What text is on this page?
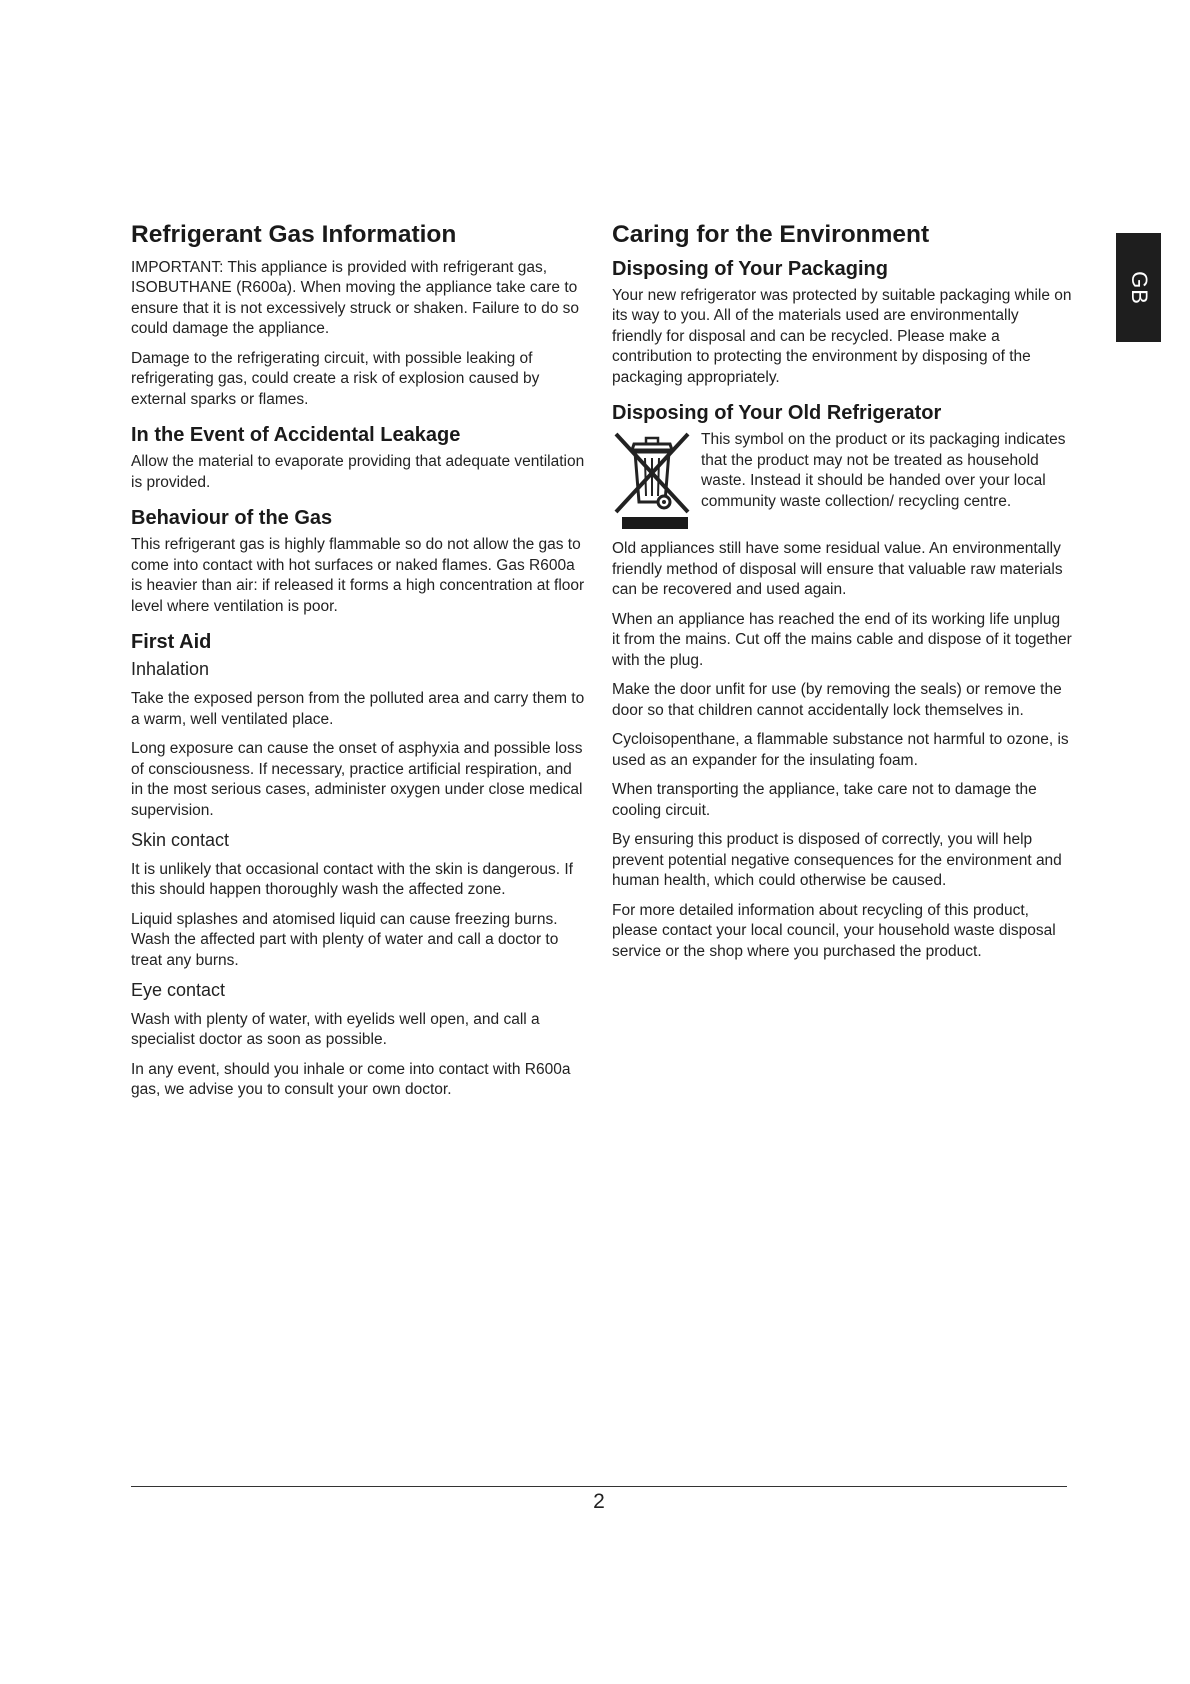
GB
Refrigerant Gas Information

IMPORTANT: This appliance is provided with refrigerant gas, ISOBUTHANE (R600a). When moving the appliance take care to ensure that it is not excessively struck or shaken. Failure to do so could damage the appliance.

Damage to the refrigerating circuit, with possible leaking of refrigerating gas, could create a risk of explosion caused by external sparks or flames.

In the Event of Accidental Leakage

Allow the material to evaporate providing that adequate ventilation is provided.

Behaviour of the Gas

This refrigerant gas is highly flammable so do not allow the gas to come into contact with hot surfaces or naked flames. Gas R600a is heavier than air: if released it forms a high concentration at floor level where ventilation is poor.

First Aid
Inhalation

Take the exposed person from the polluted area and carry them to a warm, well ventilated place.

Long exposure can cause the onset of asphyxia and possible loss of consciousness. If necessary, practice artificial respiration, and in the most serious cases, administer oxygen under close medical supervision.

Skin contact

It is unlikely that occasional contact with the skin is dangerous. If this should happen thoroughly wash the affected zone.

Liquid splashes and atomised liquid can cause freezing burns. Wash the affected part with plenty of water and call a doctor to treat any burns.

Eye contact

Wash with plenty of water, with eyelids well open, and call a specialist doctor as soon as possible.

In any event, should you inhale or come into contact with R600a gas, we advise you to consult your own doctor.

Caring for the Environment
Disposing of Your Packaging

Your new refrigerator was protected by suitable packaging while on its way to you. All of the materials used are environmentally friendly for disposal and can be recycled. Please make a contribution to protecting the environment by disposing of the packaging appropriately.

Disposing of Your Old Refrigerator

This symbol on the product or its packaging indicates that the product may not be treated as household waste. Instead it should be handed over your local community waste collection/ recycling centre.

Old appliances still have some residual value. An environmentally friendly method of disposal will ensure that valuable raw materials can be recovered and used again.

When an appliance has reached the end of its working life unplug it from the mains. Cut off the mains cable and dispose of it together with the plug.

Make the door unfit for use (by removing the seals) or remove the door so that children cannot accidentally lock themselves in.

Cycloisopenthane, a flammable substance not harmful to ozone, is used as an expander for the insulating foam.

When transporting the appliance, take care not to damage the cooling circuit.

By ensuring this product is disposed of correctly, you will help prevent potential negative consequences for the environment and human health, which could otherwise be caused.

For more detailed information about recycling of this product, please contact your local council, your household waste disposal service or the shop where you purchased the product.

2
